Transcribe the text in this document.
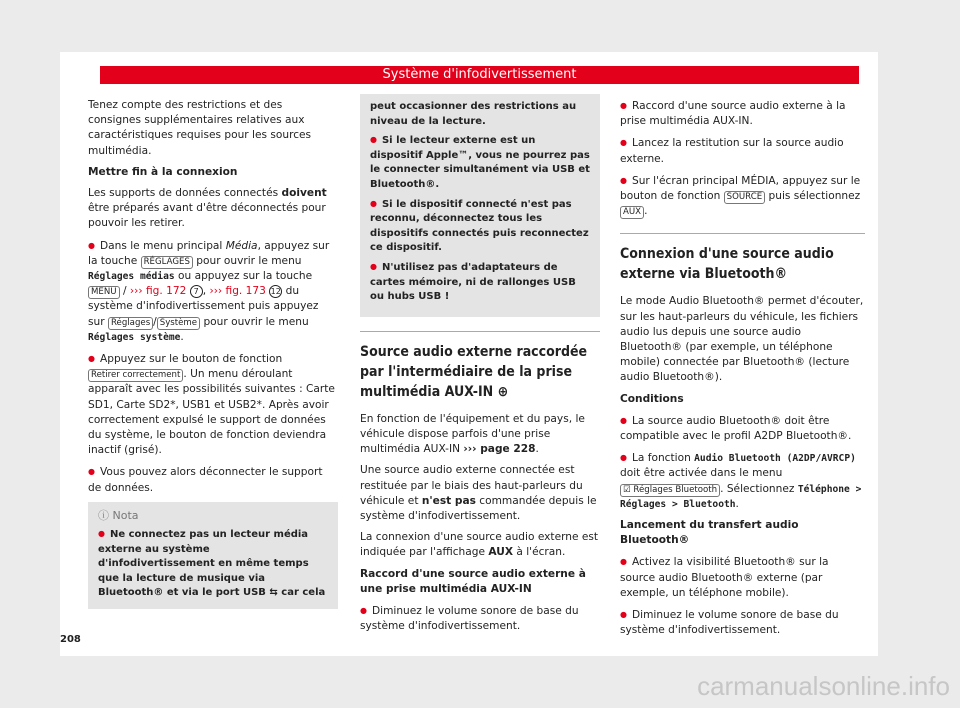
Système d'infodivertissement

Tenez compte des restrictions et des consignes supplémentaires relatives aux caractéristiques requises pour les sources multimédia.

Mettre fin à la connexion

Les supports de données connectés doivent être préparés avant d'être déconnectés pour pouvoir les retirer.

● Dans le menu principal Média, appuyez sur la touche RÉGLAGES pour ouvrir le menu Réglages médias ou appuyez sur la touche MENU / ››› fig. 172 7 , ››› fig. 173 12 du système d'infodivertissement puis appuyez sur Réglages / Système pour ouvrir le menu Réglages système.

● Appuyez sur le bouton de fonction Retirer correctement . Un menu déroulant apparaît avec les possibilités suivantes : Carte SD1, Carte SD2*, USB1 et USB2*. Après avoir correctement expulsé le support de données du système, le bouton de fonction deviendra inactif (grisé).

● Vous pouvez alors déconnecter le support de données.

ⓘ Nota
● Ne connectez pas un lecteur média externe au système d'infodivertissement en même temps que la lecture de musique via Bluetooth® et via le port USB ⇆ car cela

peut occasionner des restrictions au niveau de la lecture.

● Si le lecteur externe est un dispositif Apple™, vous ne pourrez pas le connecter simultanément via USB et Bluetooth®.

● Si le dispositif connecté n'est pas reconnu, déconnectez tous les dispositifs connectés puis reconnectez ce dispositif.

● N'utilisez pas d'adaptateurs de cartes mémoire, ni de rallonges USB ou hubs USB !

Source audio externe raccordée par l'intermédiaire de la prise multimédia AUX-IN ⊕

En fonction de l'équipement et du pays, le véhicule dispose parfois d'une prise multimédia AUX-IN ››› page 228.

Une source audio externe connectée est restituée par le biais des haut-parleurs du véhicule et n'est pas commandée depuis le système d'infodivertissement.

La connexion d'une source audio externe est indiquée par l'affichage AUX à l'écran.

Raccord d'une source audio externe à une prise multimédia AUX-IN

● Diminuez le volume sonore de base du système d'infodivertissement.

● Raccord d'une source audio externe à la prise multimédia AUX-IN.

● Lancez la restitution sur la source audio externe.

● Sur l'écran principal MÉDIA, appuyez sur le bouton de fonction SOURCE puis sélectionnez AUX .

Connexion d'une source audio externe via Bluetooth®

Le mode Audio Bluetooth® permet d'écouter, sur les haut-parleurs du véhicule, les fichiers audio lus depuis une source audio Bluetooth® (par exemple, un téléphone mobile) connectée par Bluetooth® (lecture audio Bluetooth®).

Conditions

● La source audio Bluetooth® doit être compatible avec le profil A2DP Bluetooth®.

● La fonction Audio Bluetooth (A2DP/AVRCP) doit être activée dans le menu ☑ Réglages Bluetooth . Sélectionnez Téléphone > Réglages > Bluetooth.

Lancement du transfert audio Bluetooth®

● Activez la visibilité Bluetooth® sur la source audio Bluetooth® externe (par exemple, un téléphone mobile).

● Diminuez le volume sonore de base du système d'infodivertissement.

208
carmanualsonline.info
